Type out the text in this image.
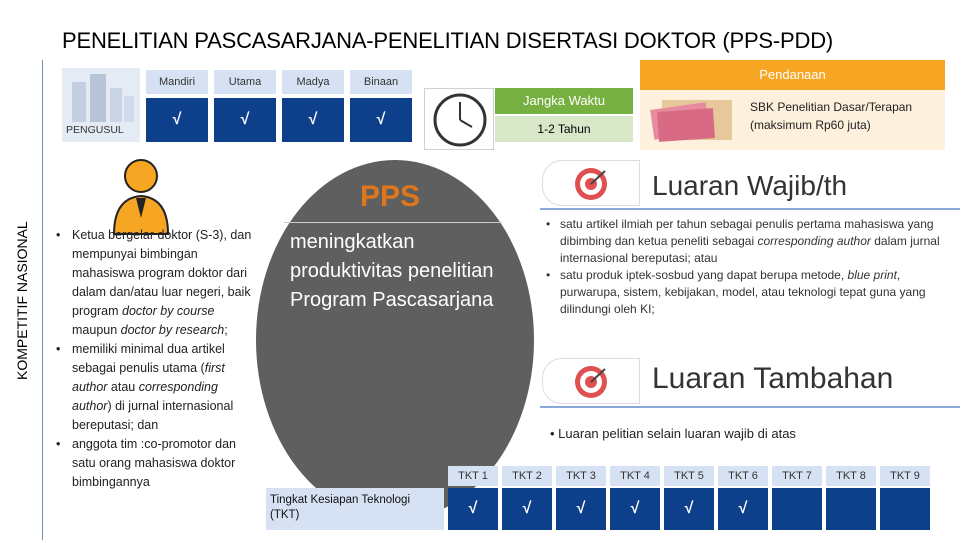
PENELITIAN PASCASARJANA-PENELITIAN DISERTASI DOKTOR (PPS-PDD)
KOMPETITIF NASIONAL
PENGUSUL
Mandiri	Utama	Madya	Binaan
√	√	√	√
Jangka Waktu
1-2 Tahun
Pendanaan
SBK Penelitian Dasar/Terapan
(maksimum Rp60 juta)
PPS
meningkatkan produktivitas penelitian Program Pascasarjana
• Ketua bergelar doktor (S-3), dan mempunyai bimbingan mahasiswa program doktor dari dalam dan/atau luar negeri, baik program doctor by course maupun doctor by research;
• memiliki minimal dua artikel sebagai penulis utama (first author atau corresponding author) di jurnal internasional bereputasi; dan
• anggota tim :co-promotor dan satu orang mahasiswa doktor bimbingannya
Luaran Wajib/th
• satu artikel ilmiah per tahun sebagai penulis pertama mahasiswa yang dibimbing dan ketua peneliti sebagai corresponding author dalam jurnal internasional bereputasi; atau
• satu produk iptek-sosbud yang dapat berupa metode, blue print, purwarupa, sistem, kebijakan, model, atau teknologi tepat guna yang dilindungi oleh KI;
Luaran Tambahan
• Luaran pelitian selain luaran wajib di atas
Tingkat Kesiapan Teknologi (TKT)
TKT 1	TKT 2	TKT 3	TKT 4	TKT 5	TKT 6	TKT 7	TKT 8	TKT 9
√	√	√	√	√	√
